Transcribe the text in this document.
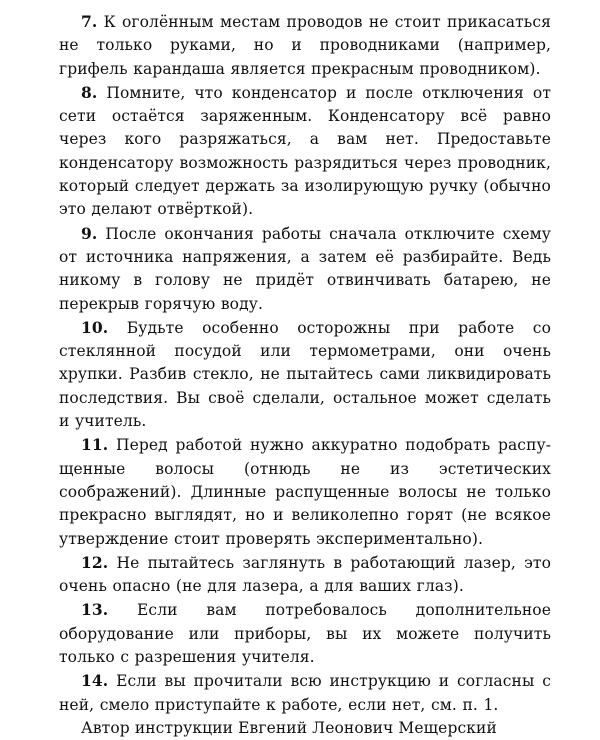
7. К оголённым местам проводов не стоит прикасаться не только руками, но и проводниками (например, грифель карандаша является прекрасным проводником).

8. Помните, что конденсатор и после отключения от сети остаётся заряженным. Конденсатору всё равно через кого разряжаться, а вам нет. Предоставьте конденсатору возможность разрядиться через проводник, который следует держать за изолирующую ручку (обычно это делают отвёрткой).

9. После окончания работы сначала отключите схему от источника напряжения, а затем её разбирайте. Ведь никому в голову не придёт отвинчивать батарею, не перекрыв горячую воду.

10. Будьте особенно осторожны при работе со стеклянной посудой или термометрами, они очень хрупки. Разбив стекло, не пытайтесь сами ликвидировать последствия. Вы своё сделали, остальное может сделать и учитель.

11. Перед работой нужно аккуратно подобрать распущенные волосы (отнюдь не из эстетических соображений). Длинные распущенные волосы не только прекрасно выглядят, но и великолепно горят (не всякое утверждение стоит проверять экспериментально).

12. Не пытайтесь заглянуть в работающий лазер, это очень опасно (не для лазера, а для ваших глаз).

13. Если вам потребовалось дополнительное оборудование или приборы, вы их можете получить только с разрешения учителя.

14. Если вы прочитали всю инструкцию и согласны с ней, смело приступайте к работе, если нет, см. п. 1.

Автор инструкции Евгений Леонович Мещерский
